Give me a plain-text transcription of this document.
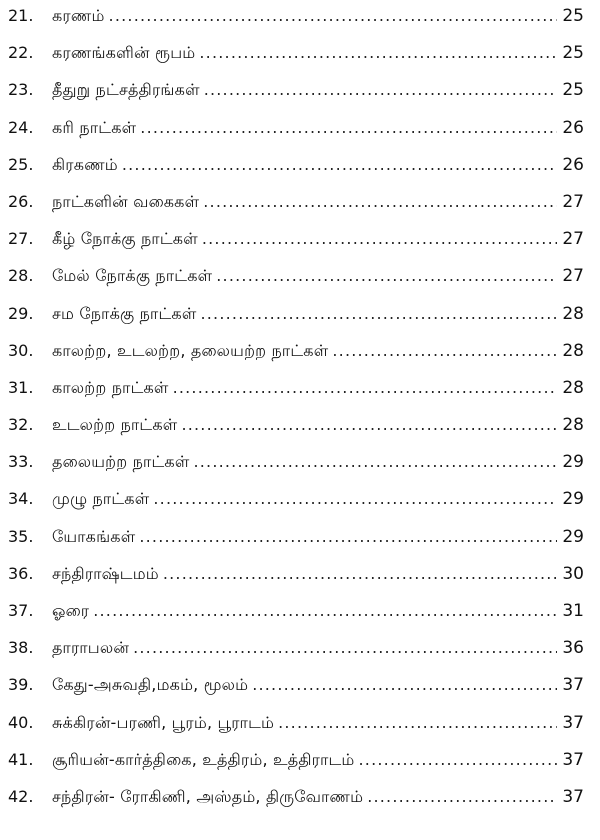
21.	கரணம் .....	25
22.	கரணங்களின் ரூபம் .....	25
23.	தீதுறு நட்சத்திரங்கள் .....	25
24.	கரி நாட்கள் .....	26
25.	கிரகணம் .....	26
26.	நாட்களின் வகைகள் .....	27
27.	கீழ் நோக்கு நாட்கள் .....	27
28.	மேல் நோக்கு நாட்கள் .....	27
29.	சம நோக்கு நாட்கள் .....	28
30.	காலற்ற, உடலற்ற, தலையற்ற நாட்கள் .....	28
31.	காலற்ற நாட்கள் .....	28
32.	உடலற்ற நாட்கள் .....	28
33.	தலையற்ற நாட்கள் .....	29
34.	முழு நாட்கள் .....	29
35.	யோகங்கள் .....	29
36.	சந்திராஷ்டமம் .....	30
37.	ஓரை .....	31
38.	தாராபலன் .....	36
39.	கேது-அசுவதி,மகம், மூலம் .....	37
40.	சுக்கிரன்-பரணி, பூரம், பூராடம் .....	37
41.	சூரியன்-கார்த்திகை, உத்திரம், உத்திராடம் .....	37
42.	சந்திரன்- ரோகிணி, அஸ்தம், திருவோணம் .....	37
